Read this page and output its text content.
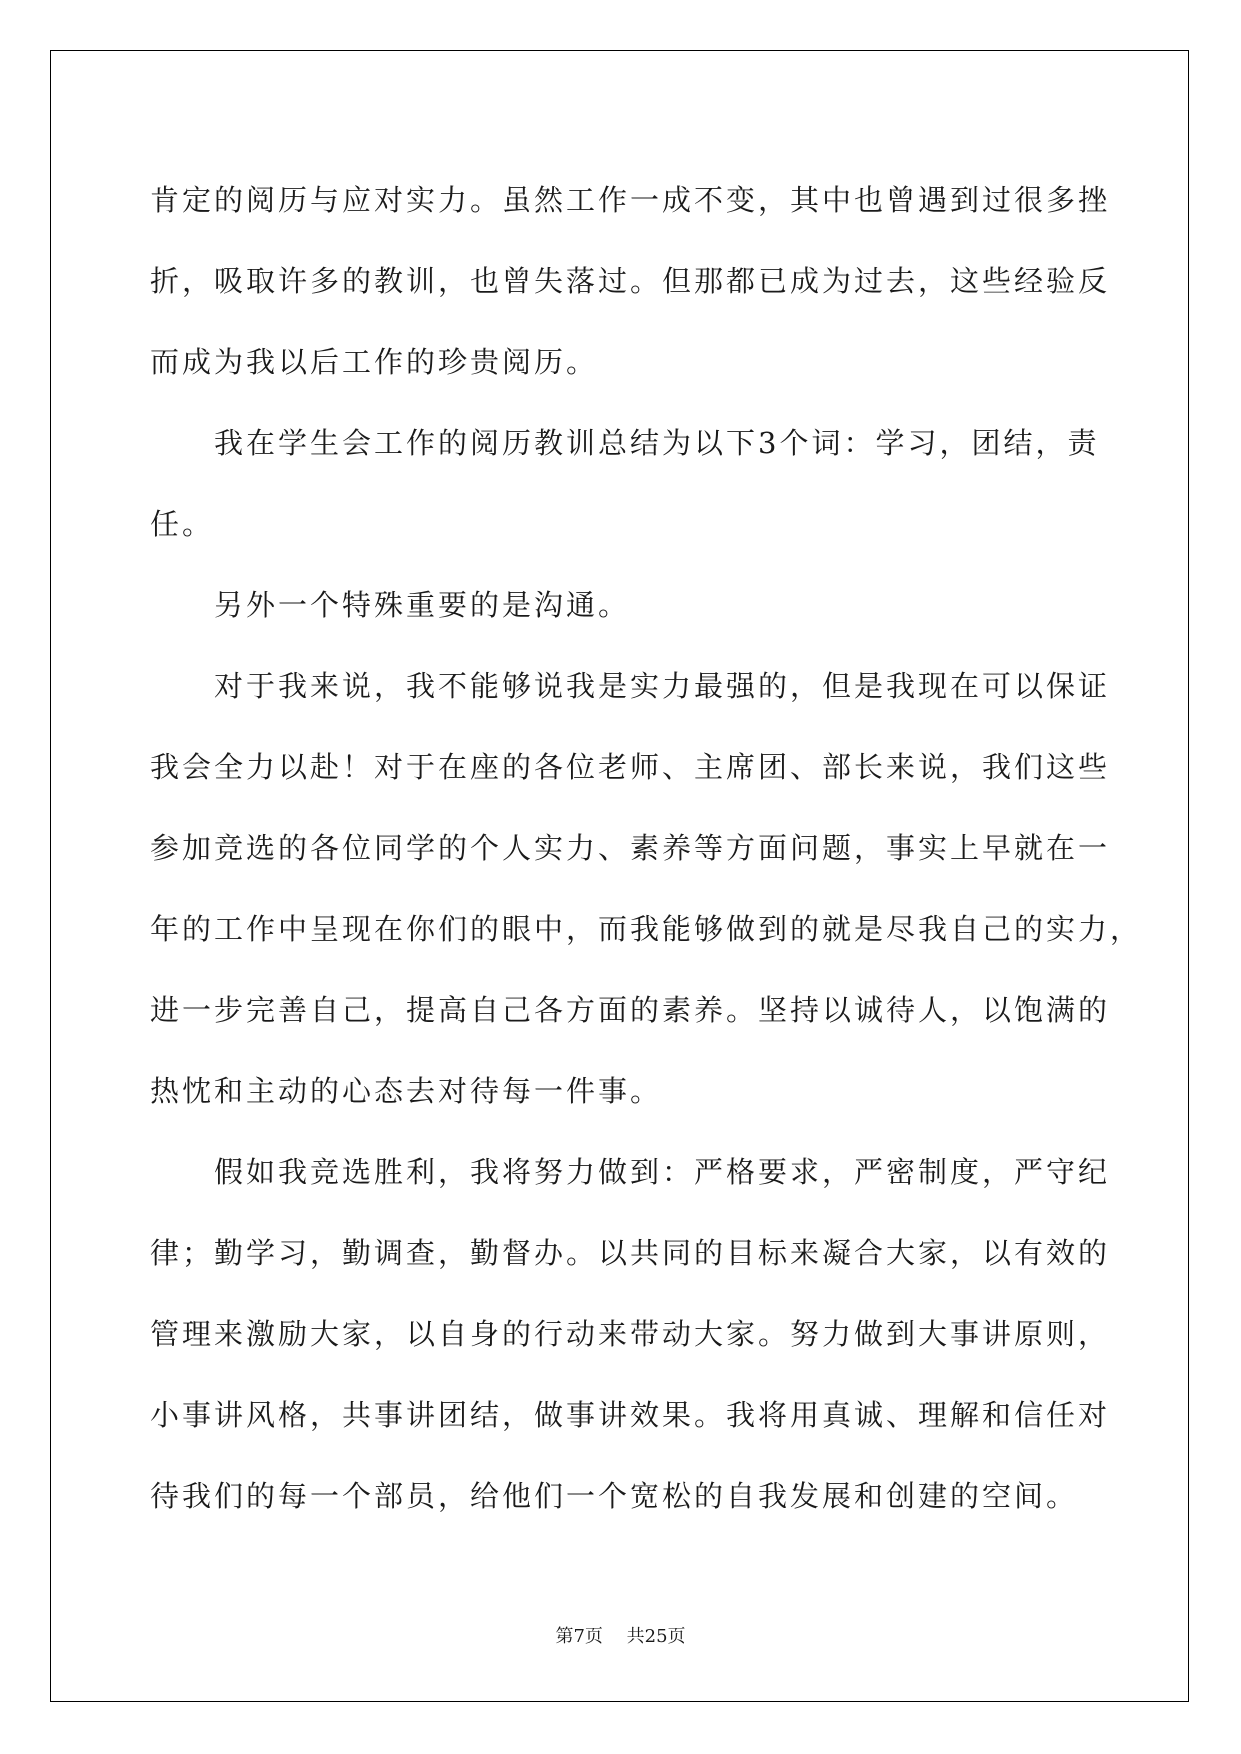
肯定的阅历与应对实力。虽然工作一成不变，其中也曾遇到过很多挫
折，吸取许多的教训，也曾失落过。但那都已成为过去，这些经验反
而成为我以后工作的珍贵阅历。
我在学生会工作的阅历教训总结为以下3个词：学习，团结，责
任。
另外一个特殊重要的是沟通。
对于我来说，我不能够说我是实力最强的，但是我现在可以保证
我会全力以赴！对于在座的各位老师、主席团、部长来说，我们这些
参加竞选的各位同学的个人实力、素养等方面问题，事实上早就在一
年的工作中呈现在你们的眼中，而我能够做到的就是尽我自己的实力，
进一步完善自己，提高自己各方面的素养。坚持以诚待人，以饱满的
热忱和主动的心态去对待每一件事。
假如我竞选胜利，我将努力做到：严格要求，严密制度，严守纪
律；勤学习，勤调查，勤督办。以共同的目标来凝合大家，以有效的
管理来激励大家，以自身的行动来带动大家。努力做到大事讲原则，
小事讲风格，共事讲团结，做事讲效果。我将用真诚、理解和信任对
待我们的每一个部员，给他们一个宽松的自我发展和创建的空间。
第7页 共25页
